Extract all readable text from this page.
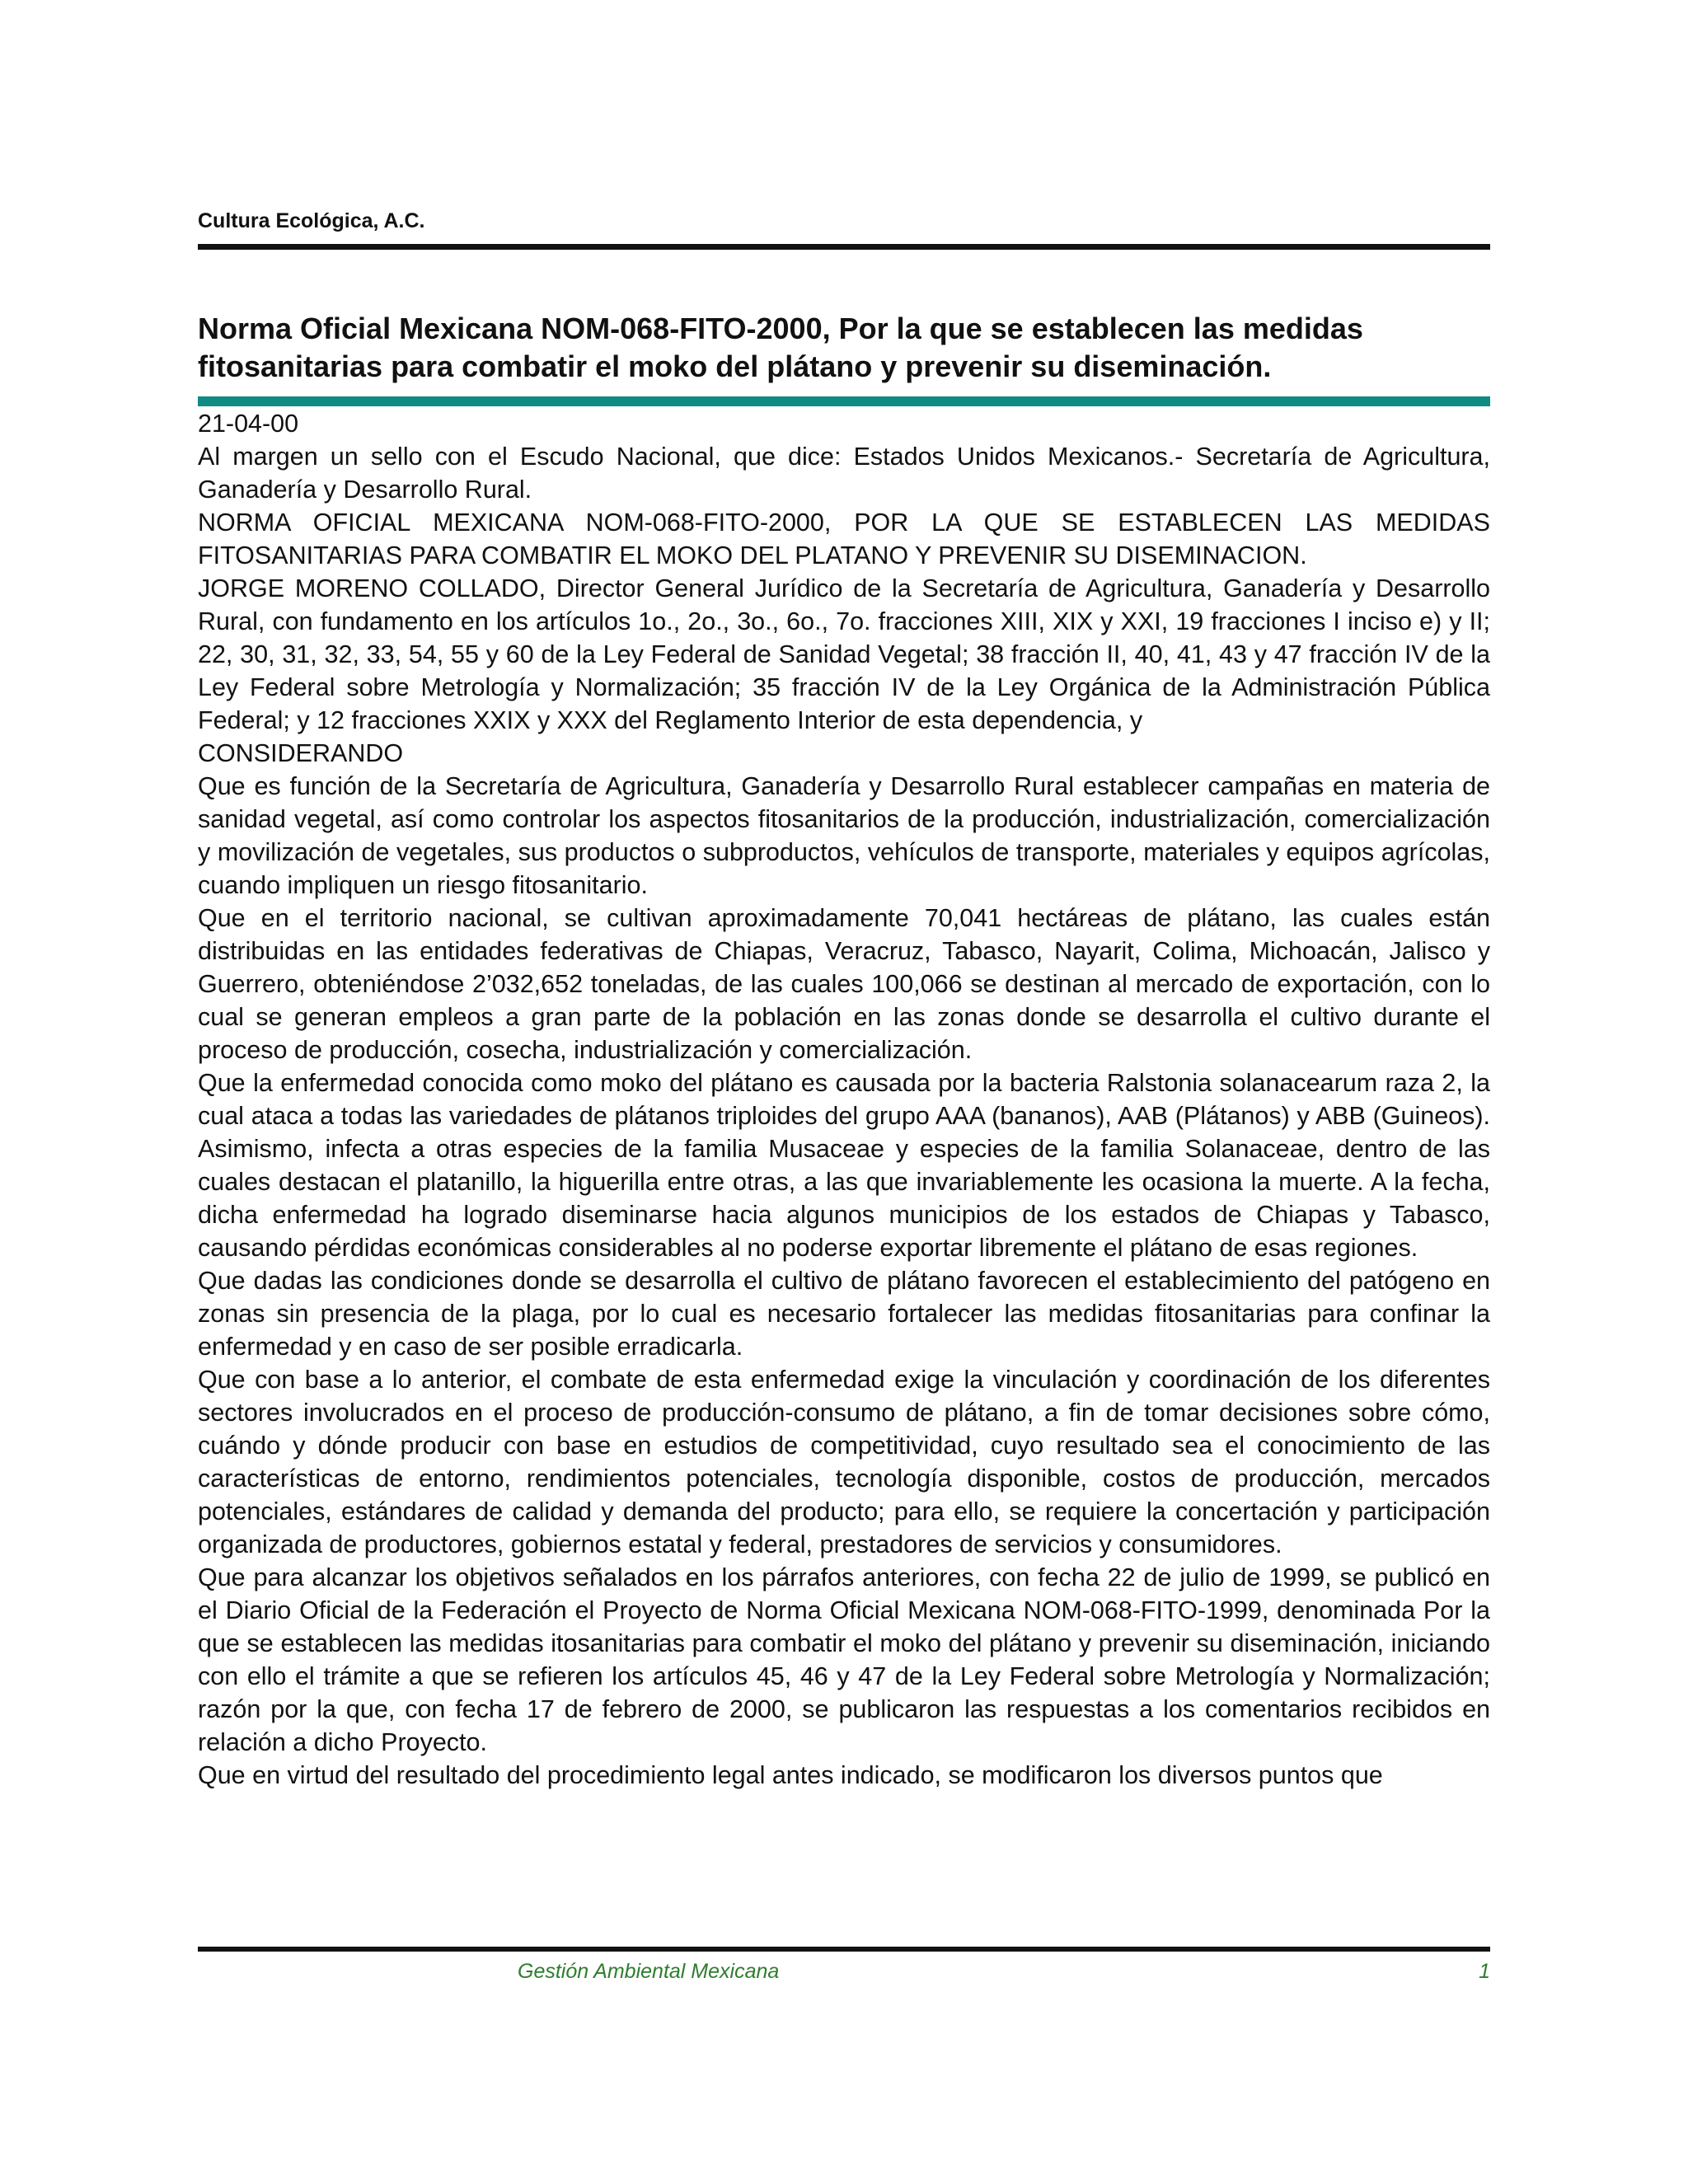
Cultura Ecológica, A.C.
Norma Oficial Mexicana NOM-068-FITO-2000, Por la que se establecen las medidas fitosanitarias para combatir el moko del plátano y prevenir su diseminación.

21-04-00

Al margen un sello con el Escudo Nacional, que dice: Estados Unidos Mexicanos.- Secretaría de Agricultura, Ganadería y Desarrollo Rural.

NORMA OFICIAL MEXICANA NOM-068-FITO-2000, POR LA QUE SE ESTABLECEN LAS MEDIDAS FITOSANITARIAS PARA COMBATIR EL MOKO DEL PLATANO Y PREVENIR SU DISEMINACION.

JORGE MORENO COLLADO, Director General Jurídico de la Secretaría de Agricultura, Ganadería y Desarrollo Rural, con fundamento en los artículos 1o., 2o., 3o., 6o., 7o. fracciones XIII, XIX y XXI, 19 fracciones I inciso e) y II; 22, 30, 31, 32, 33, 54, 55 y 60 de la Ley Federal de Sanidad Vegetal; 38 fracción II, 40, 41, 43 y 47 fracción IV de la Ley Federal sobre Metrología y Normalización; 35 fracción IV de la Ley Orgánica de la Administración Pública Federal; y 12 fracciones XXIX y XXX del Reglamento Interior de esta dependencia, y

CONSIDERANDO

Que es función de la Secretaría de Agricultura, Ganadería y Desarrollo Rural establecer campañas en materia de sanidad vegetal, así como controlar los aspectos fitosanitarios de la producción, industrialización, comercialización y movilización de vegetales, sus productos o subproductos, vehículos de transporte, materiales y equipos agrícolas, cuando impliquen un riesgo fitosanitario.

Que en el territorio nacional, se cultivan aproximadamente 70,041 hectáreas de plátano, las cuales están distribuidas en las entidades federativas de Chiapas, Veracruz, Tabasco, Nayarit, Colima, Michoacán, Jalisco y Guerrero, obteniéndose 2’032,652 toneladas, de las cuales 100,066 se destinan al mercado de exportación, con lo cual se generan empleos a gran parte de la población en las zonas donde se desarrolla el cultivo durante el proceso de producción, cosecha, industrialización y comercialización.

Que la enfermedad conocida como moko del plátano es causada por la bacteria Ralstonia solanacearum raza 2, la cual ataca a todas las variedades de plátanos triploides del grupo AAA (bananos), AAB (Plátanos) y ABB (Guineos). Asimismo, infecta a otras especies de la familia Musaceae y especies de la familia Solanaceae, dentro de las cuales destacan el platanillo, la higuerilla entre otras, a las que invariablemente les ocasiona la muerte. A la fecha, dicha enfermedad ha logrado diseminarse hacia algunos municipios de los estados de Chiapas y Tabasco, causando pérdidas económicas considerables al no poderse exportar libremente el plátano de esas regiones.

Que dadas las condiciones donde se desarrolla el cultivo de plátano favorecen el establecimiento del patógeno en zonas sin presencia de la plaga, por lo cual es necesario fortalecer las medidas fitosanitarias para confinar la enfermedad y en caso de ser posible erradicarla.

Que con base a lo anterior, el combate de esta enfermedad exige la vinculación y coordinación de los diferentes sectores involucrados en el proceso de producción-consumo de plátano, a fin de tomar decisiones sobre cómo, cuándo y dónde producir con base en estudios de competitividad, cuyo resultado sea el conocimiento de las características de entorno, rendimientos potenciales, tecnología disponible, costos de producción, mercados potenciales, estándares de calidad y demanda del producto; para ello, se requiere la concertación y participación organizada de productores, gobiernos estatal y federal, prestadores de servicios y consumidores.

Que para alcanzar los objetivos señalados en los párrafos anteriores, con fecha 22 de julio de 1999, se publicó en el Diario Oficial de la Federación el Proyecto de Norma Oficial Mexicana NOM-068-FITO-1999, denominada Por la que se establecen las medidas itosanitarias para combatir el moko del plátano y prevenir su diseminación, iniciando con ello el trámite a que se refieren los artículos 45, 46 y 47 de la Ley Federal sobre Metrología y Normalización; razón por la que, con fecha 17 de febrero de 2000, se publicaron las respuestas a los comentarios recibidos en relación a dicho Proyecto.

Que en virtud del resultado del procedimiento legal antes indicado, se modificaron los diversos puntos que

Gestión Ambiental Mexicana	1
